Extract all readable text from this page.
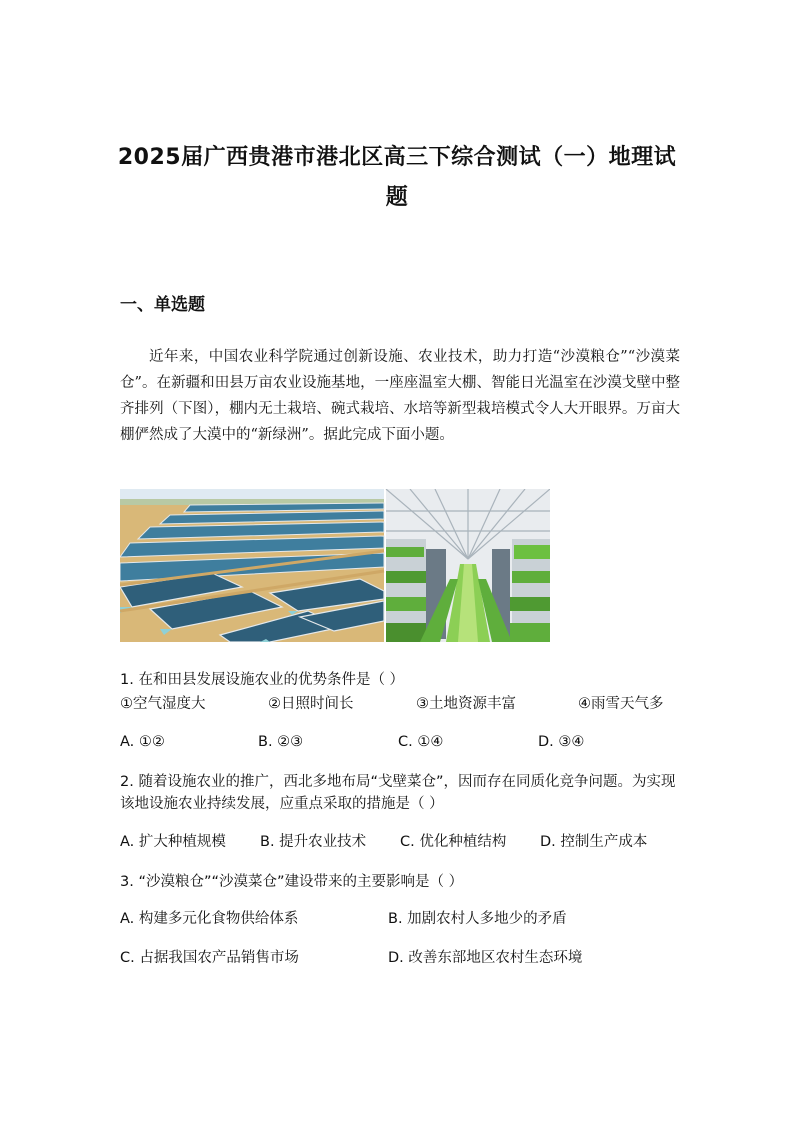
2025届广西贵港市港北区高三下综合测试（一）地理试题
一、单选题

近年来，中国农业科学院通过创新设施、农业技术，助力打造“沙漠粮仓”“沙漠菜仓”。在新疆和田县万亩农业设施基地，一座座温室大棚、智能日光温室在沙漠戈壁中整齐排列（下图），棚内无土栽培、碗式栽培、水培等新型栽培模式令人大开眼界。万亩大棚俨然成了大漠中的“新绿洲”。据此完成下面小题。

1. 在和田县发展设施农业的优势条件是（ ）

①空气湿度大	②日照时间长	③土地资源丰富	④雨雪天气多
A. ①②	B. ②③	C. ①④	D. ③④

2. 随着设施农业的推广，西北多地布局“戈壁菜仓”，因而存在同质化竞争问题。为实现该地设施农业持续发展，应重点采取的措施是（ ）

A. 扩大种植规模 B. 提升农业技术 C. 优化种植结构 D. 控制生产成本

3. “沙漠粮仓”“沙漠菜仓”建设带来的主要影响是（ ）

A. 构建多元化食物供给体系	B. 加剧农村人多地少的矛盾
C. 占据我国农产品销售市场	D. 改善东部地区农村生态环境
